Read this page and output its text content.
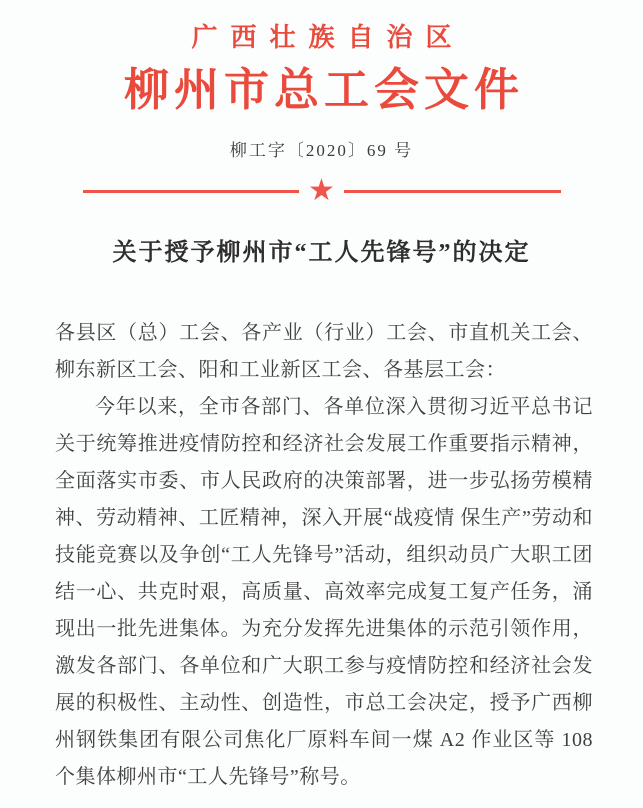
广西壮族自治区
柳州市总工会文件
柳工字〔2020〕69 号
★
关于授予柳州市“工人先锋号”的决定

各县区（总）工会、各产业（行业）工会、市直机关工会、柳东新区工会、阳和工业新区工会、各基层工会：

今年以来，全市各部门、各单位深入贯彻习近平总书记关于统筹推进疫情防控和经济社会发展工作重要指示精神，全面落实市委、市人民政府的决策部署，进一步弘扬劳模精神、劳动精神、工匠精神，深入开展“战疫情 保生产”劳动和技能竞赛以及争创“工人先锋号”活动，组织动员广大职工团结一心、共克时艰，高质量、高效率完成复工复产任务，涌现出一批先进集体。为充分发挥先进集体的示范引领作用，激发各部门、各单位和广大职工参与疫情防控和经济社会发展的积极性、主动性、创造性，市总工会决定，授予广西柳州钢铁集团有限公司焦化厂原料车间一煤 A2 作业区等 108 个集体柳州市“工人先锋号”称号。
